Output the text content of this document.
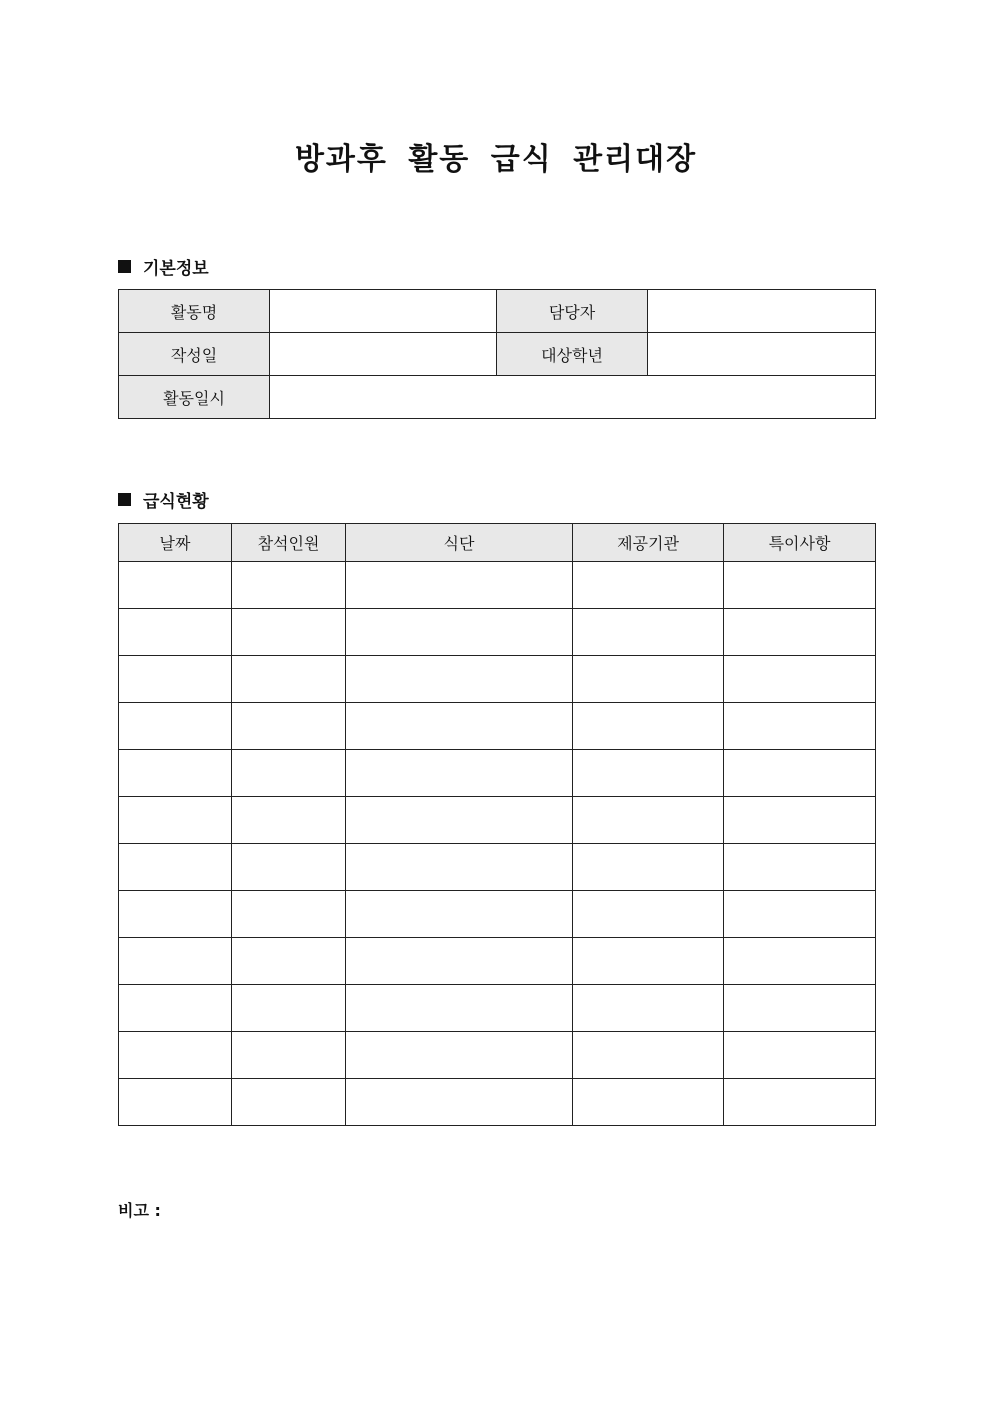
방과후 활동 급식 관리대장
기본정보
활동명		담당자	
작성일		대상학년	
활동일시			
급식현황
날짜	참석인원	식단	제공기관	특이사항

비고 :
